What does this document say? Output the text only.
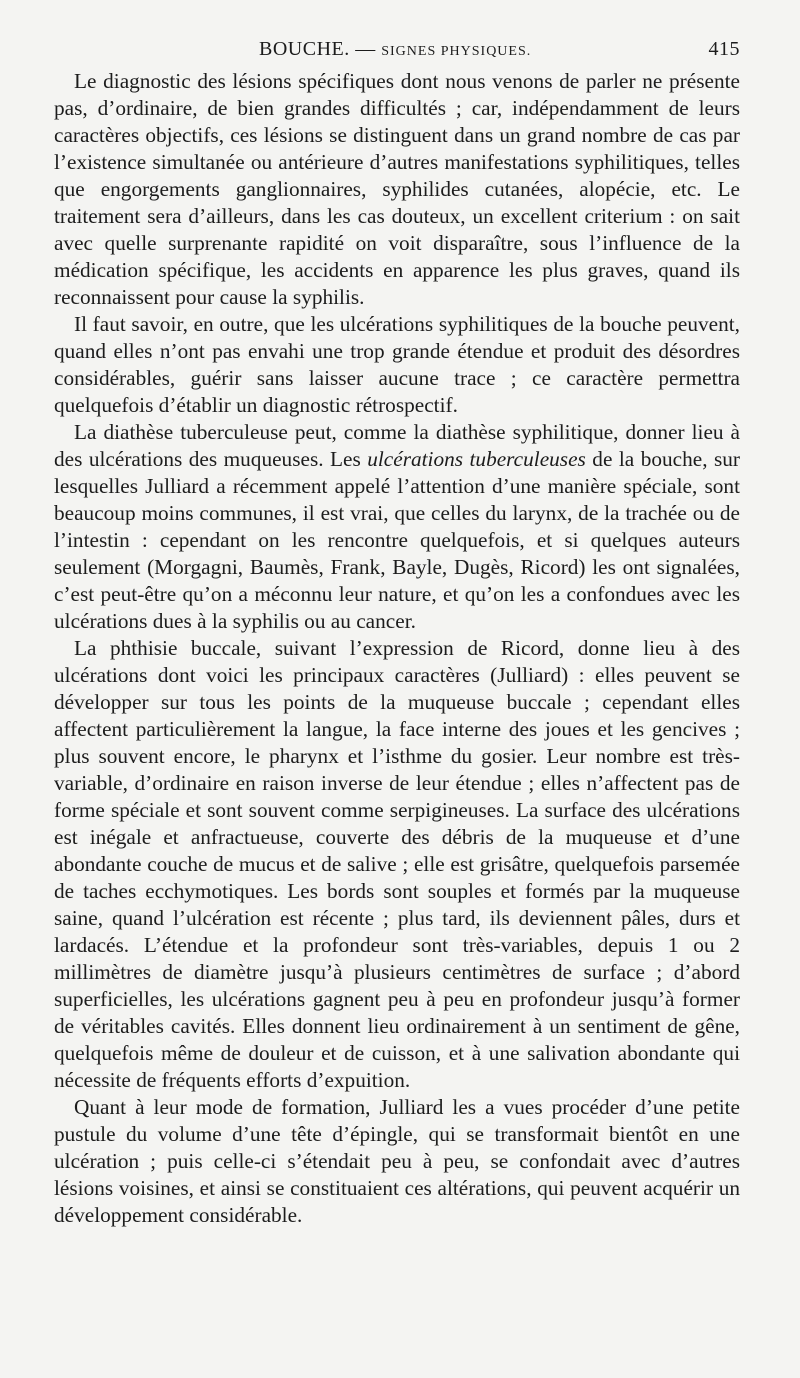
BOUCHE. — SIGNES PHYSIQUES.	415

Le diagnostic des lésions spécifiques dont nous venons de parler ne présente pas, d’ordinaire, de bien grandes difficultés ; car, indépendamment de leurs caractères objectifs, ces lésions se distinguent dans un grand nombre de cas par l’existence simultanée ou antérieure d’autres manifestations syphilitiques, telles que engorgements ganglionnaires, syphilides cutanées, alopécie, etc. Le traitement sera d’ailleurs, dans les cas douteux, un excellent criterium : on sait avec quelle surprenante rapidité on voit disparaître, sous l’influence de la médication spécifique, les accidents en apparence les plus graves, quand ils reconnaissent pour cause la syphilis.

Il faut savoir, en outre, que les ulcérations syphilitiques de la bouche peuvent, quand elles n’ont pas envahi une trop grande étendue et produit des désordres considérables, guérir sans laisser aucune trace ; ce caractère permettra quelquefois d’établir un diagnostic rétrospectif.

La diathèse tuberculeuse peut, comme la diathèse syphilitique, donner lieu à des ulcérations des muqueuses. Les ulcérations tuberculeuses de la bouche, sur lesquelles Julliard a récemment appelé l’attention d’une manière spéciale, sont beaucoup moins communes, il est vrai, que celles du larynx, de la trachée ou de l’intestin : cependant on les rencontre quelquefois, et si quelques auteurs seulement (Morgagni, Baumès, Frank, Bayle, Dugès, Ricord) les ont signalées, c’est peut-être qu’on a méconnu leur nature, et qu’on les a confondues avec les ulcérations dues à la syphilis ou au cancer.

La phthisie buccale, suivant l’expression de Ricord, donne lieu à des ulcérations dont voici les principaux caractères (Julliard) : elles peuvent se développer sur tous les points de la muqueuse buccale ; cependant elles affectent particulièrement la langue, la face interne des joues et les gencives ; plus souvent encore, le pharynx et l’isthme du gosier. Leur nombre est très-variable, d’ordinaire en raison inverse de leur étendue ; elles n’affectent pas de forme spéciale et sont souvent comme serpigineuses. La surface des ulcérations est inégale et anfractueuse, couverte des débris de la muqueuse et d’une abondante couche de mucus et de salive ; elle est grisâtre, quelquefois parsemée de taches ecchymotiques. Les bords sont souples et formés par la muqueuse saine, quand l’ulcération est récente ; plus tard, ils deviennent pâles, durs et lardacés. L’étendue et la profondeur sont très-variables, depuis 1 ou 2 millimètres de diamètre jusqu’à plusieurs centimètres de surface ; d’abord superficielles, les ulcérations gagnent peu à peu en profondeur jusqu’à former de véritables cavités. Elles donnent lieu ordinairement à un sentiment de gêne, quelquefois même de douleur et de cuisson, et à une salivation abondante qui nécessite de fréquents efforts d’expuition.

Quant à leur mode de formation, Julliard les a vues procéder d’une petite pustule du volume d’une tête d’épingle, qui se transformait bientôt en une ulcération ; puis celle-ci s’étendait peu à peu, se confondait avec d’autres lésions voisines, et ainsi se constituaient ces altérations, qui peuvent acquérir un développement considérable.
